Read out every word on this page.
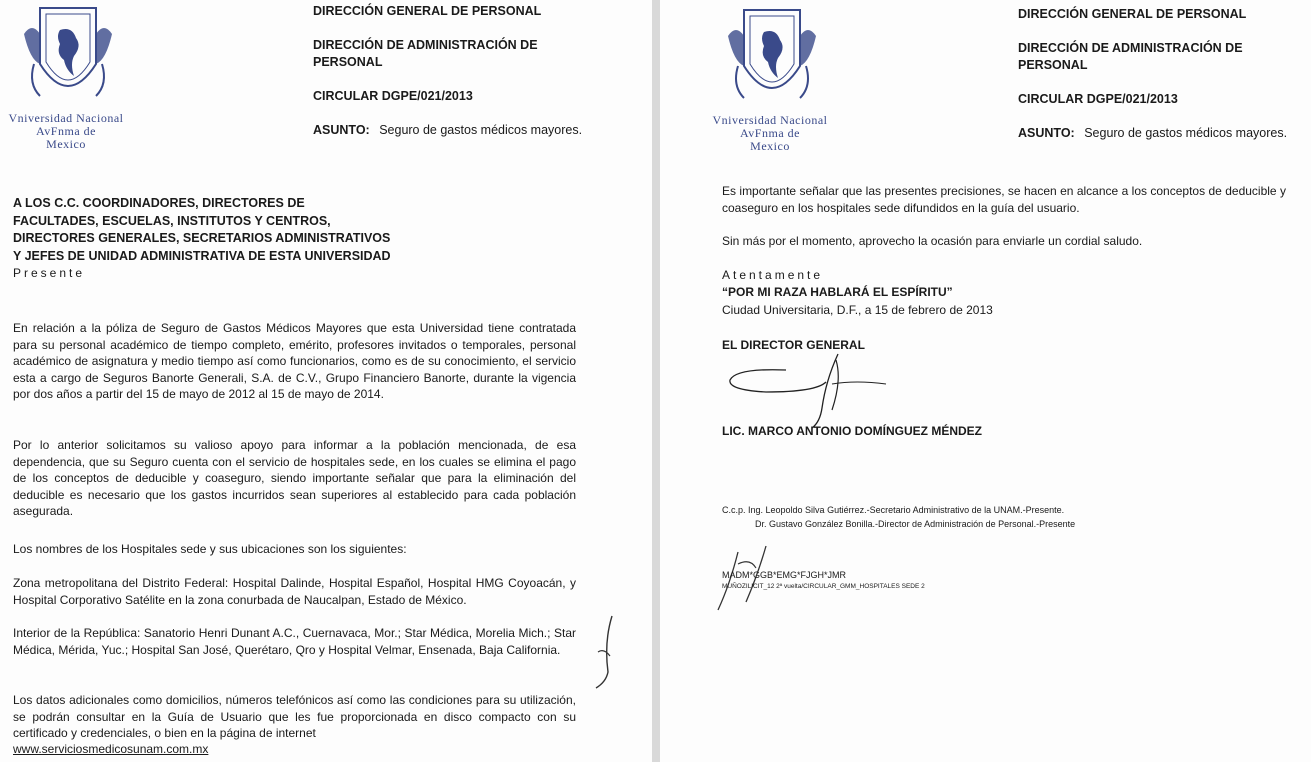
Vniversidad Nacional
AvFnma de
Mexico
DIRECCIÓN GENERAL DE PERSONAL
DIRECCIÓN DE ADMINISTRACIÓN DE PERSONAL
CIRCULAR DGPE/021/2013
ASUNTO: Seguro de gastos médicos mayores.
A LOS C.C. COORDINADORES, DIRECTORES DE
FACULTADES, ESCUELAS, INSTITUTOS Y CENTROS,
DIRECTORES GENERALES, SECRETARIOS ADMINISTRATIVOS
Y JEFES DE UNIDAD ADMINISTRATIVA DE ESTA UNIVERSIDAD
Presente
En relación a la póliza de Seguro de Gastos Médicos Mayores que esta Universidad tiene contratada para su personal académico de tiempo completo, emérito, profesores invitados o temporales, personal académico de asignatura y medio tiempo así como funcionarios, como es de su conocimiento, el servicio esta a cargo de Seguros Banorte Generali, S.A. de C.V., Grupo Financiero Banorte, durante la vigencia por dos años a partir del 15 de mayo de 2012 al 15 de mayo de 2014.
Por lo anterior solicitamos su valioso apoyo para informar a la población mencionada, de esa dependencia, que su Seguro cuenta con el servicio de hospitales sede, en los cuales se elimina el pago de los conceptos de deducible y coaseguro, siendo importante señalar que para la eliminación del deducible es necesario que los gastos incurridos sean superiores al establecido para cada población asegurada.
Los nombres de los Hospitales sede y sus ubicaciones son los siguientes:
Zona metropolitana del Distrito Federal: Hospital Dalinde, Hospital Español, Hospital HMG Coyoacán, y Hospital Corporativo Satélite en la zona conurbada de Naucalpan, Estado de México.
Interior de la República: Sanatorio Henri Dunant A.C., Cuernavaca, Mor.; Star Médica, Morelia Mich.; Star Médica, Mérida, Yuc.; Hospital San José, Querétaro, Qro y Hospital Velmar, Ensenada, Baja California.
Los datos adicionales como domicilios, números telefónicos así como las condiciones para su utilización, se podrán consultar en la Guía de Usuario que les fue proporcionada en disco compacto con su certificado y credenciales, o bien en la página de internet
www.serviciosmedicosunam.com.mx
Vniversidad Nacional
AvFnma de
Mexico
DIRECCIÓN GENERAL DE PERSONAL
DIRECCIÓN DE ADMINISTRACIÓN DE PERSONAL
CIRCULAR DGPE/021/2013
ASUNTO: Seguro de gastos médicos mayores.
Es importante señalar que las presentes precisiones, se hacen en alcance a los conceptos de deducible y coaseguro en los hospitales sede difundidos en la guía del usuario.
Sin más por el momento, aprovecho la ocasión para enviarle un cordial saludo.
Atentamente
“POR MI RAZA HABLARÁ EL ESPÍRITU”
Ciudad Universitaria, D.F., a 15 de febrero de 2013
EL DIRECTOR GENERAL
LIC. MARCO ANTONIO DOMÍNGUEZ MÉNDEZ
C.c.p. Ing. Leopoldo Silva Gutiérrez.-Secretario Administrativo de la UNAM.-Presente.
Dr. Gustavo González Bonilla.-Director de Administración de Personal.-Presente
MADM*GGB*EMG*FJGH*JMR
MUÑOZILICIT_12 2ª vuelta/CIRCULAR_GMM_HOSPITALES SEDE 2
